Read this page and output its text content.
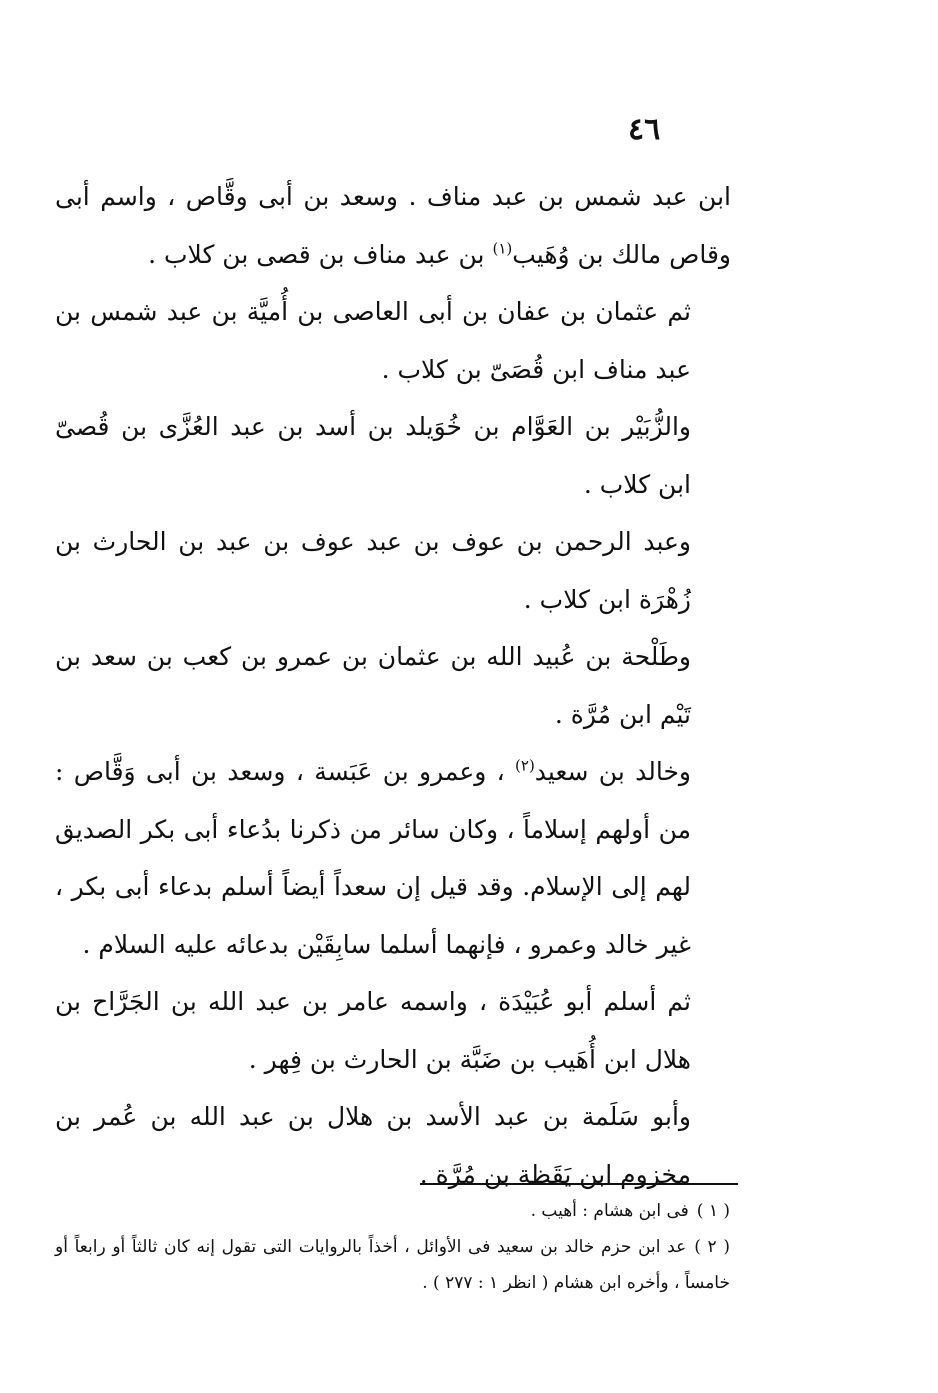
٤٦

ابن عبد شمس بن عبد مناف . وسعد بن أبى وقَّاص ، واسم أبى وقاص مالك بن وُهَيب$^{(١)}$ بن عبد مناف بن قصى بن كلاب .

ثم عثمان بن عفان بن أبى العاصى بن أُميَّة بن عبد شمس بن عبد مناف ابن قُصَىّ بن كلاب .

والزُّبَيْر بن العَوَّام بن خُوَيلد بن أسد بن عبد العُزَّى بن قُصىّ ابن كلاب .

وعبد الرحمن بن عوف بن عبد عوف بن عبد بن الحارث بن زُهْرَة ابن كلاب .

وطَلْحة بن عُبيد الله بن عثمان بن عمرو بن كعب بن سعد بن تَيْم ابن مُرَّة .

وخالد بن سعيد$^{(٢)}$ ، وعمرو بن عَبَسة ، وسعد بن أبى وَقَّاص : من أولهم إسلاماً ، وكان سائر من ذكرنا بدُعاء أبى بكر الصديق لهم إلى الإسلام. وقد قيل إن سعداً أيضاً أسلم بدعاء أبى بكر ، غير خالد وعمرو ، فإنهما أسلما سابِقَيْن بدعائه عليه السلام .

ثم أسلم أبو عُبَيْدَة ، واسمه عامر بن عبد الله بن الجَرَّاح بن هلال ابن أُهَيب بن ضَبَّة بن الحارث بن فِهر .

وأبو سَلَمة بن عبد الأسد بن هلال بن عبد الله بن عُمر بن مخزوم ابن يَقَظة بن مُرَّة .

( ١ )فى ابن هشام : أهيب .
( ٢ )عد ابن حزم خالد بن سعيد فى الأوائل ، أخذاً بالروايات التى تقول إنه كان ثالثاً أو رابعاً أو خامساً ، وأخره ابن هشام ( انظر ١ : ٢٧٧ ) .
